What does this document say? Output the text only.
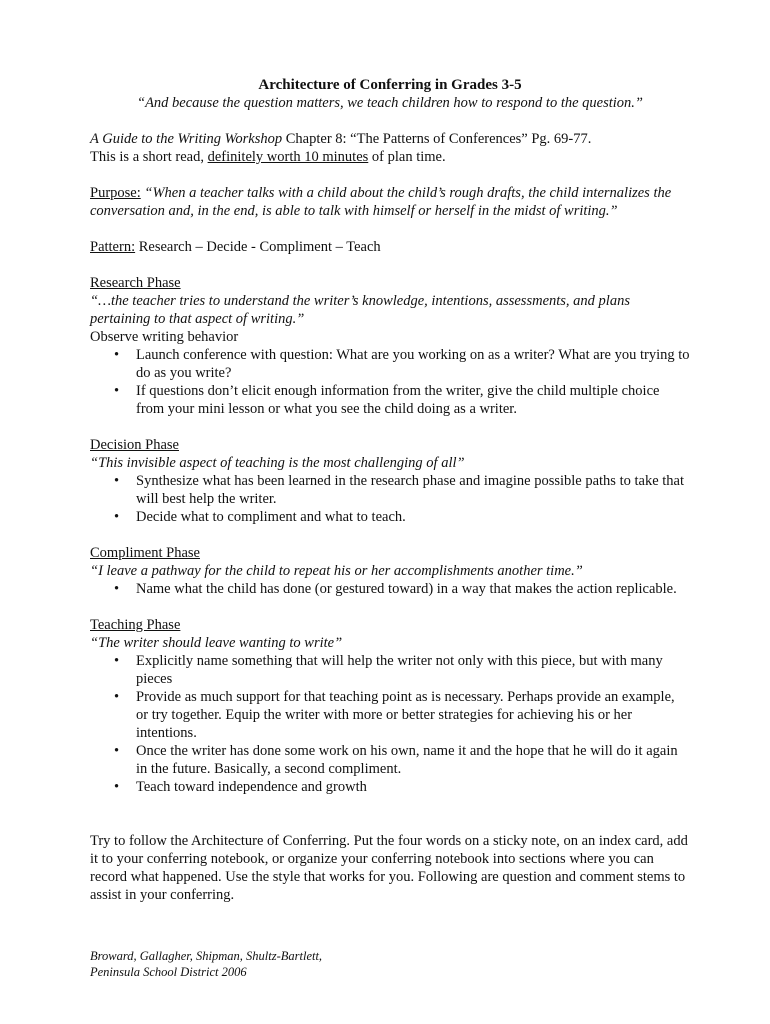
Architecture of Conferring in Grades 3-5

“And because the question matters, we teach children how to respond to the question.”

A Guide to the Writing Workshop Chapter 8: “The Patterns of Conferences” Pg. 69-77.

This is a short read, definitely worth 10 minutes of plan time.

Purpose: “When a teacher talks with a child about the child’s rough drafts, the child internalizes the conversation and, in the end, is able to talk with himself or herself in the midst of writing.”

Pattern: Research – Decide - Compliment – Teach

Research Phase

“…the teacher tries to understand the writer’s knowledge, intentions, assessments, and plans pertaining to that aspect of writing.”

Observe writing behavior

• Launch conference with question: What are you working on as a writer? What are you trying to do as you write?
• If questions don’t elicit enough information from the writer, give the child multiple choice from your mini lesson or what you see the child doing as a writer.

Decision Phase

“This invisible aspect of teaching is the most challenging of all”

• Synthesize what has been learned in the research phase and imagine possible paths to take that will best help the writer.
• Decide what to compliment and what to teach.

Compliment Phase

“I leave a pathway for the child to repeat his or her accomplishments another time.”

• Name what the child has done (or gestured toward) in a way that makes the action replicable.

Teaching Phase

“The writer should leave wanting to write”

• Explicitly name something that will help the writer not only with this piece, but with many pieces
• Provide as much support for that teaching point as is necessary. Perhaps provide an example, or try together. Equip the writer with more or better strategies for achieving his or her intentions.
• Once the writer has done some work on his own, name it and the hope that he will do it again in the future. Basically, a second compliment.
• Teach toward independence and growth

Try to follow the Architecture of Conferring. Put the four words on a sticky note, on an index card, add it to your conferring notebook, or organize your conferring notebook into sections where you can record what happened. Use the style that works for you. Following are question and comment stems to assist in your conferring.

Broward, Gallagher, Shipman, Shultz-Bartlett,

Peninsula School District 2006
